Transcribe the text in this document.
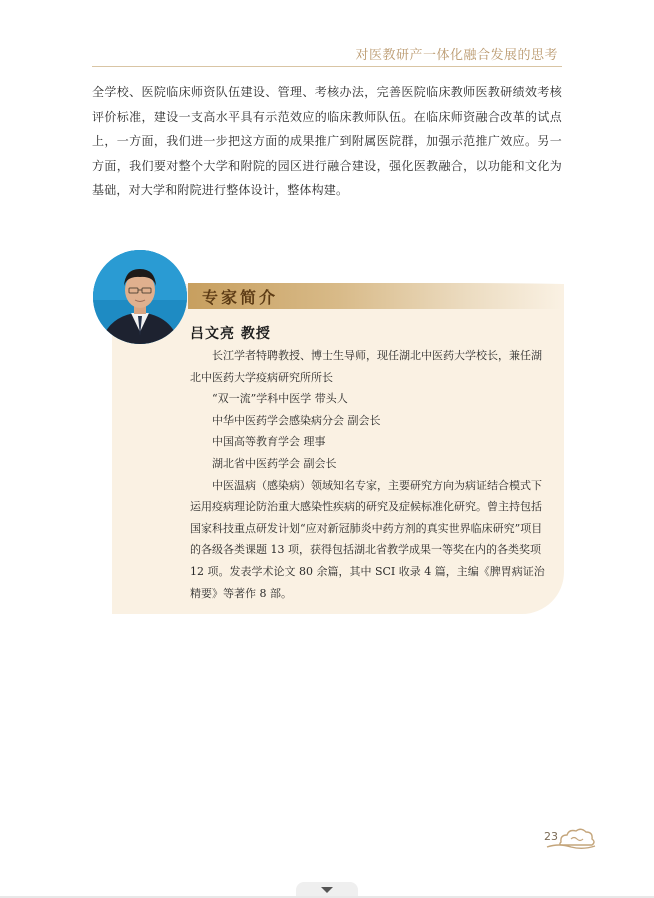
对医教研产一体化融合发展的思考

全学校、医院临床师资队伍建设、管理、考核办法，完善医院临床教师医教研绩效考核评价标准，建设一支高水平具有示范效应的临床教师队伍。在临床师资融合改革的试点上，一方面，我们进一步把这方面的成果推广到附属医院群，加强示范推广效应。另一方面，我们要对整个大学和附院的园区进行融合建设，强化医教融合，以功能和文化为基础，对大学和附院进行整体设计，整体构建。

专家简介
吕文亮 教授

长江学者特聘教授、博士生导师，现任湖北中医药大学校长，兼任湖北中医药大学疫病研究所所长

“双一流”学科中医学 带头人

中华中医药学会感染病分会 副会长

中国高等教育学会 理事

湖北省中医药学会 副会长

中医温病（感染病）领域知名专家，主要研究方向为病证结合模式下运用疫病理论防治重大感染性疾病的研究及症候标准化研究。曾主持包括国家科技重点研发计划“应对新冠肺炎中药方剂的真实世界临床研究”项目的各级各类课题 13 项，获得包括湖北省教学成果一等奖在内的各类奖项 12 项。发表学术论文 80 余篇，其中 SCI 收录 4 篇，主编《脾胃病证治精要》等著作 8 部。

23
